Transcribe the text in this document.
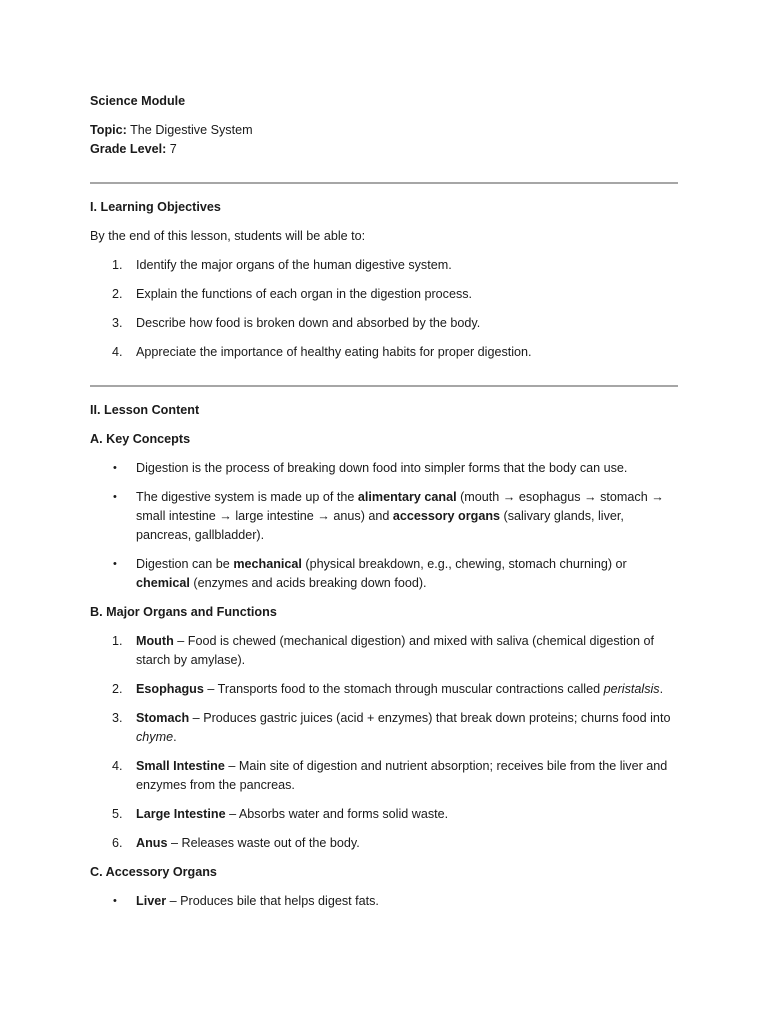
Science Module
Topic: The Digestive System
Grade Level: 7
I. Learning Objectives
By the end of this lesson, students will be able to:
1. Identify the major organs of the human digestive system.
2. Explain the functions of each organ in the digestion process.
3. Describe how food is broken down and absorbed by the body.
4. Appreciate the importance of healthy eating habits for proper digestion.
II. Lesson Content
A. Key Concepts
• Digestion is the process of breaking down food into simpler forms that the body can use.
• The digestive system is made up of the alimentary canal (mouth → esophagus → stomach → small intestine → large intestine → anus) and accessory organs (salivary glands, liver, pancreas, gallbladder).
• Digestion can be mechanical (physical breakdown, e.g., chewing, stomach churning) or chemical (enzymes and acids breaking down food).
B. Major Organs and Functions
1. Mouth – Food is chewed (mechanical digestion) and mixed with saliva (chemical digestion of starch by amylase).
2. Esophagus – Transports food to the stomach through muscular contractions called peristalsis.
3. Stomach – Produces gastric juices (acid + enzymes) that break down proteins; churns food into chyme.
4. Small Intestine – Main site of digestion and nutrient absorption; receives bile from the liver and enzymes from the pancreas.
5. Large Intestine – Absorbs water and forms solid waste.
6. Anus – Releases waste out of the body.
C. Accessory Organs
• Liver – Produces bile that helps digest fats.
